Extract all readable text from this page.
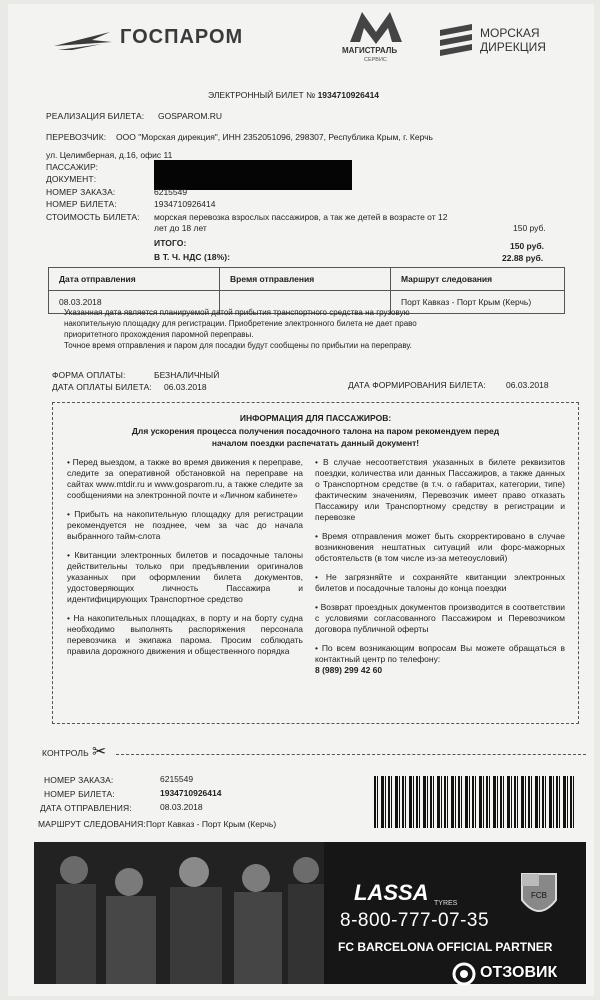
ГОСПАРОМ
МАГИСТРАЛЬ
СЕРВИС
МОРСКАЯ
ДИРЕКЦИЯ
ЭЛЕКТРОННЫЙ БИЛЕТ № 1934710926414
РЕАЛИЗАЦИЯ БИЛЕТА: GOSPAROM.RU
ПЕРЕВОЗЧИК: ООО "Морская дирекция", ИНН 2352051096, 298307, Республика Крым, г. Керчь
ул. Целимберная, д.16, офис 11
ПАССАЖИР:
ДОКУМЕНТ:
НОМЕР ЗАКАЗА:	6215549
НОМЕР БИЛЕТА:	1934710926414
СТОИМОСТЬ БИЛЕТА: морская перевозка взрослых пассажиров, а так же детей в возрасте от 12
лет до 18 лет	150 руб.
ИТОГО:	150 руб.
В Т. Ч. НДС (18%):	22.88 руб.
Дата отправления	Время отправления	Маршрут следования
08.03.2018		Порт Кавказ - Порт Крым (Керчь)
Указанная дата является планируемой датой прибытия транспортного средства на грузовую
накопительную площадку для регистрации. Приобретение электронного билета не дает право
приоритетного прохождения паромной переправы.
Точное время отправления и паром для посадки будут сообщены по прибытии на переправу.
ФОРМА ОПЛАТЫ:	БЕЗНАЛИЧНЫЙ
ДАТА ОПЛАТЫ БИЛЕТА: 06.03.2018	ДАТА ФОРМИРОВАНИЯ БИЛЕТА: 06.03.2018
ИНФОРМАЦИЯ ДЛЯ ПАССАЖИРОВ:
Для ускорения процесса получения посадочного талона на паром рекомендуем перед
началом поездки распечатать данный документ!

• Перед выездом, а также во время движения к переправе, следите за оперативной обстановкой на переправе на сайтах www.mtdir.ru и www.gosparom.ru, а также следите за сообщениями на электронной почте и «Личном кабинете»

• Прибыть на накопительную площадку для регистрации рекомендуется не позднее, чем за час до начала выбранного тайм-слота

• Квитанции электронных билетов и посадочные талоны действительны только при предъявлении оригиналов указанных при оформлении билета документов, удостоверяющих личность Пассажира и идентифицирующих Транспортное средство

• На накопительных площадках, в порту и на борту судна необходимо выполнять распоряжения персонала перевозчика и экипажа парома. Просим соблюдать правила дорожного движения и общественного порядка

• В случае несоответствия указанных в билете реквизитов поездки, количества или данных Пассажиров, а также данных о Транспортном средстве (в т.ч. о габаритах, категории, типе) фактическим значениям, Перевозчик имеет право отказать Пассажиру или Транспортному средству в регистрации и перевозке

• Время отправления может быть скорректировано в случае возникновения нештатных ситуаций или форс-мажорных обстоятельств (в том числе из-за метеоусловий)

• Не загрязняйте и сохраняйте квитанции электронных билетов и посадочные талоны до конца поездки

• Возврат проездных документов производится в соответствии с условиями согласованного Пассажиром и Перевозчиком договора публичной оферты

• По всем возникающим вопросам Вы можете обращаться в контактный центр по телефону:

8 (989) 299 42 60
КОНТРОЛЬ ✂
НОМЕР ЗАКАЗА:	6215549
НОМЕР БИЛЕТА:	1934710926414
ДАТА ОТПРАВЛЕНИЯ:	08.03.2018
МАРШРУТ СЛЕДОВАНИЯ: Порт Кавказ - Порт Крым (Керчь)
LASSA TYRES
8-800-777-07-35
FC BARCELONA OFFICIAL PARTNER
FCB
ОТЗОВИК
